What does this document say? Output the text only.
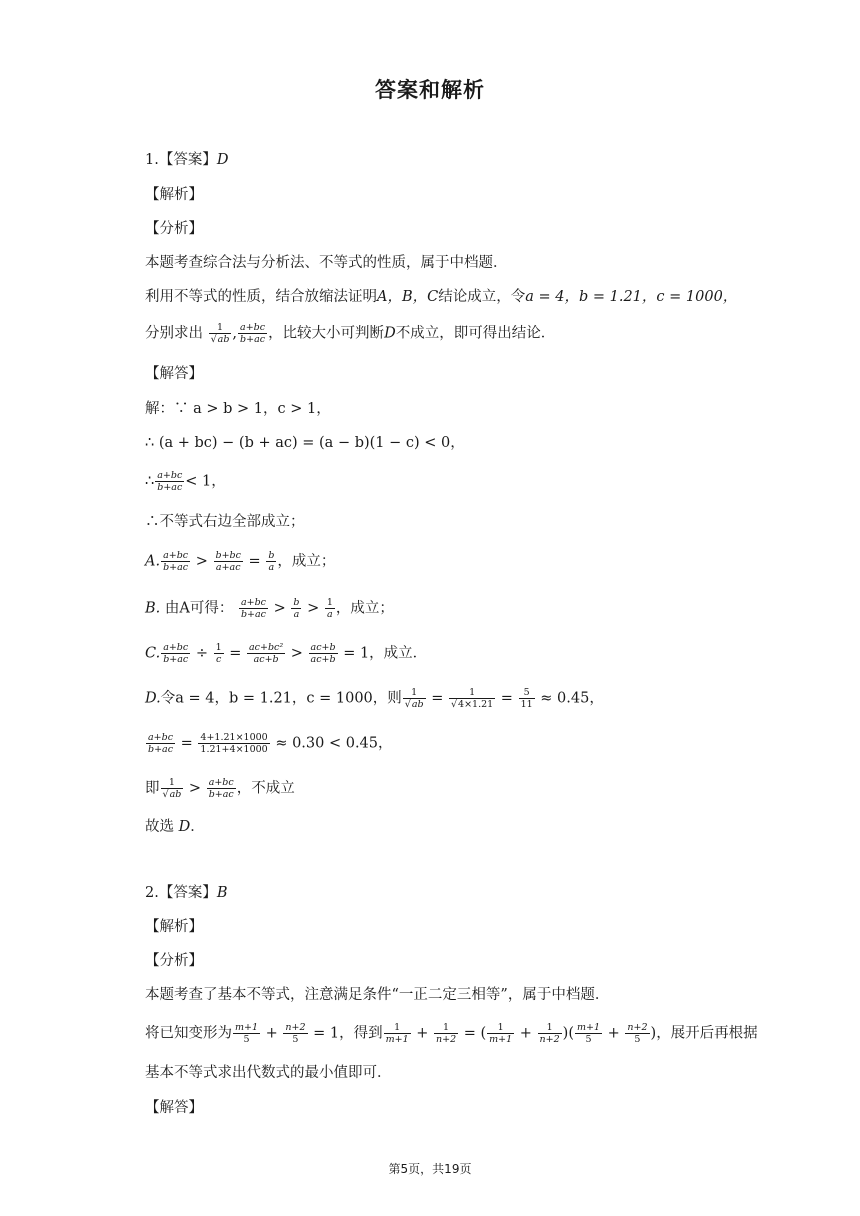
答案和解析
1.【答案】D
【解析】
【分析】
本题考查综合法与分析法、不等式的性质，属于中档题．
利用不等式的性质，结合放缩法证明A，B，C结论成立，令a = 4，b = 1.21，c = 1000，
分别求出 $\frac{1}{√ab}$ , $\frac{a+bc}{b+ac}$ ，比较大小可判断D不成立，即可得出结论．
【解答】
解：∵ a > b > 1，c > 1，
∴ (a + bc) − (b + ac) = (a − b)(1 − c) < 0，
∴ $\frac{a+bc}{b+ac} < 1$，
∴不等式右边全部成立；
A. $\frac{a+bc}{b+ac} > \frac{b+bc}{a+ac} = \frac{b}{a}$ ，成立；
B. 由A可得： $\frac{a+bc}{b+ac} > \frac{b}{a} > \frac{1}{a}$ ，成立；
C. $\frac{a+bc}{b+ac} \div \frac{1}{c} = \frac{\text{ac+bc²}}{ac+b} > \frac{ac+b}{ac+b} = 1$，成立．
D.令a = 4，b = 1.21，c = 1000，则 $\frac{1}{√ab} = \frac{1}{√4\times 1.21} = \frac{5}{11} \approx 0.45$，
$\frac{a+bc}{b+ac} = \frac{4+1.21\times 1000}{1.21+4\times 1000} \approx 0.30 < 0.45$，
即 $\frac{1}{√ab} > \frac{a+bc}{b+ac}$ ，不成立
故选 D．
2.【答案】B
【解析】
【分析】
本题考查了基本不等式，注意满足条件“一正二定三相等”，属于中档题．
将已知变形为 $\frac{m+1}{5} + \frac{n+2}{5} = 1$，得到 $\frac{1}{m+1} + \frac{1}{n+2}$ = ( $\frac{1}{m+1} + \frac{1}{n+2}$ )( $\frac{m+1}{5} + \frac{n+2}{5}$ )，展开后再根据
基本不等式求出代数式的最小值即可．
【解答】
第5页，共19页
